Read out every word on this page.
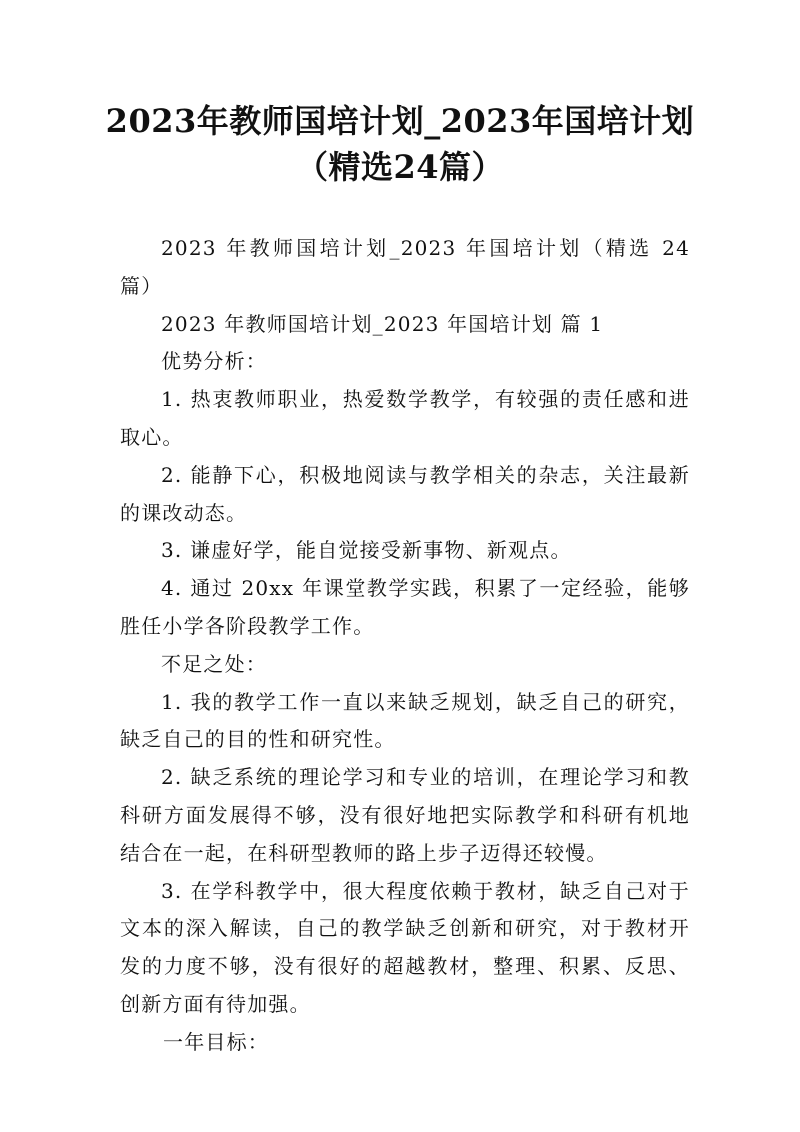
2023年教师国培计划_2023年国培计划（精选24篇）

2023 年教师国培计划_2023 年国培计划（精选 24 篇）

2023 年教师国培计划_2023 年国培计划 篇 1

优势分析：

1. 热衷教师职业，热爱数学教学，有较强的责任感和进取心。

2. 能静下心，积极地阅读与教学相关的杂志，关注最新的课改动态。

3. 谦虚好学，能自觉接受新事物、新观点。

4. 通过 20xx 年课堂教学实践，积累了一定经验，能够胜任小学各阶段教学工作。

不足之处：

1. 我的教学工作一直以来缺乏规划，缺乏自己的研究，缺乏自己的目的性和研究性。

2. 缺乏系统的理论学习和专业的培训，在理论学习和教科研方面发展得不够，没有很好地把实际教学和科研有机地结合在一起，在科研型教师的路上步子迈得还较慢。

3. 在学科教学中，很大程度依赖于教材，缺乏自己对于文本的深入解读，自己的教学缺乏创新和研究，对于教材开发的力度不够，没有很好的超越教材，整理、积累、反思、创新方面有待加强。

一年目标：
